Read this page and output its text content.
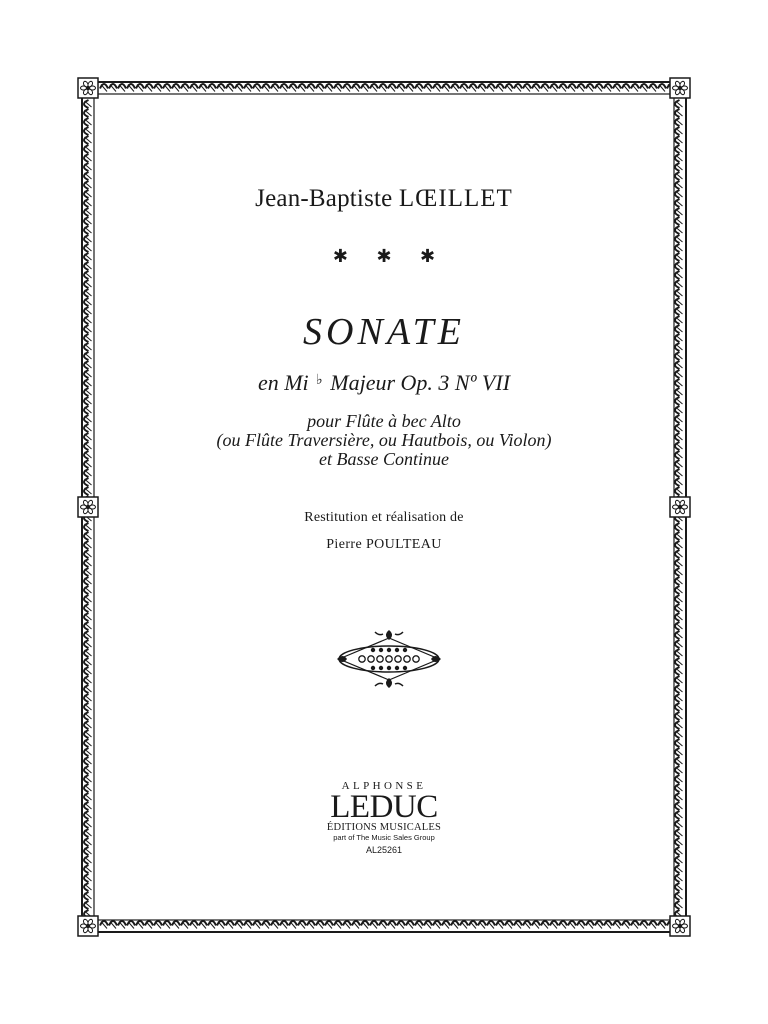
Jean-Baptiste LŒILLET
✱ ✱ ✱
SONATE
en Mi ♭ Majeur Op. 3 Nº VII
pour Flûte à bec Alto
(ou Flûte Traversière, ou Hautbois, ou Violon)
et Basse Continue
Restitution et réalisation de
Pierre POULTEAU
ALPHONSE
LEDUC
ÉDITIONS MUSICALES
part of The Music Sales Group
AL25261
